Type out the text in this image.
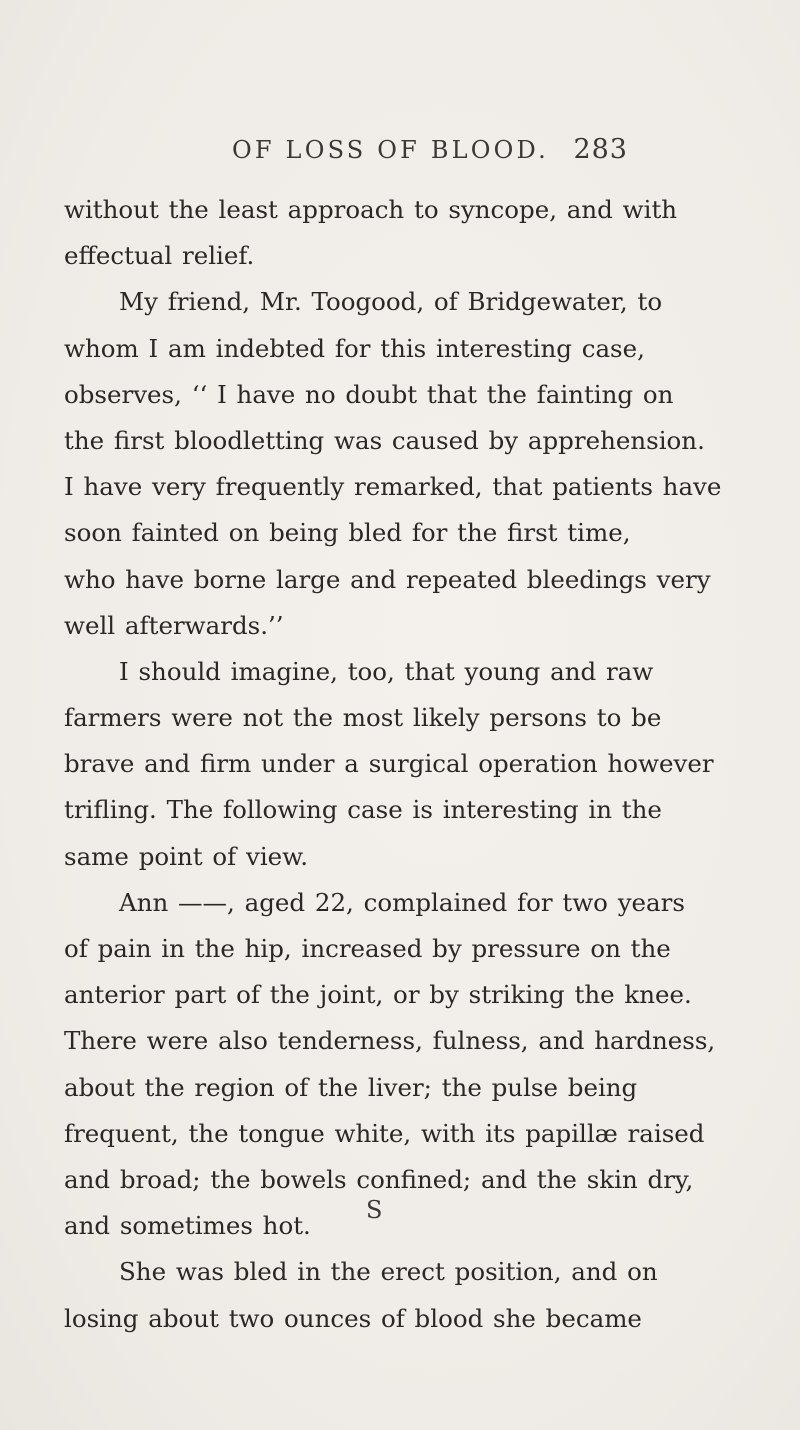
OF LOSS OF BLOOD. 283
without the least approach to syncope, and with
effectual relief.
My friend, Mr. Toogood, of Bridgewater, to
whom I am indebted for this interesting case,
observes, ‘‘ I have no doubt that the fainting on
the first bloodletting was caused by apprehension.
I have very frequently remarked, that patients have
soon fainted on being bled for the first time,
who have borne large and repeated bleedings very
well afterwards.’’
I should imagine, too, that young and raw
farmers were not the most likely persons to be
brave and firm under a surgical operation however
trifling. The following case is interesting in the
same point of view.
Ann ——, aged 22, complained for two years
of pain in the hip, increased by pressure on the
anterior part of the joint, or by striking the knee.
There were also tenderness, fulness, and hardness,
about the region of the liver; the pulse being
frequent, the tongue white, with its papillæ raised
and broad; the bowels confined; and the skin dry,
and sometimes hot.
She was bled in the erect position, and on
losing about two ounces of blood she became
S
